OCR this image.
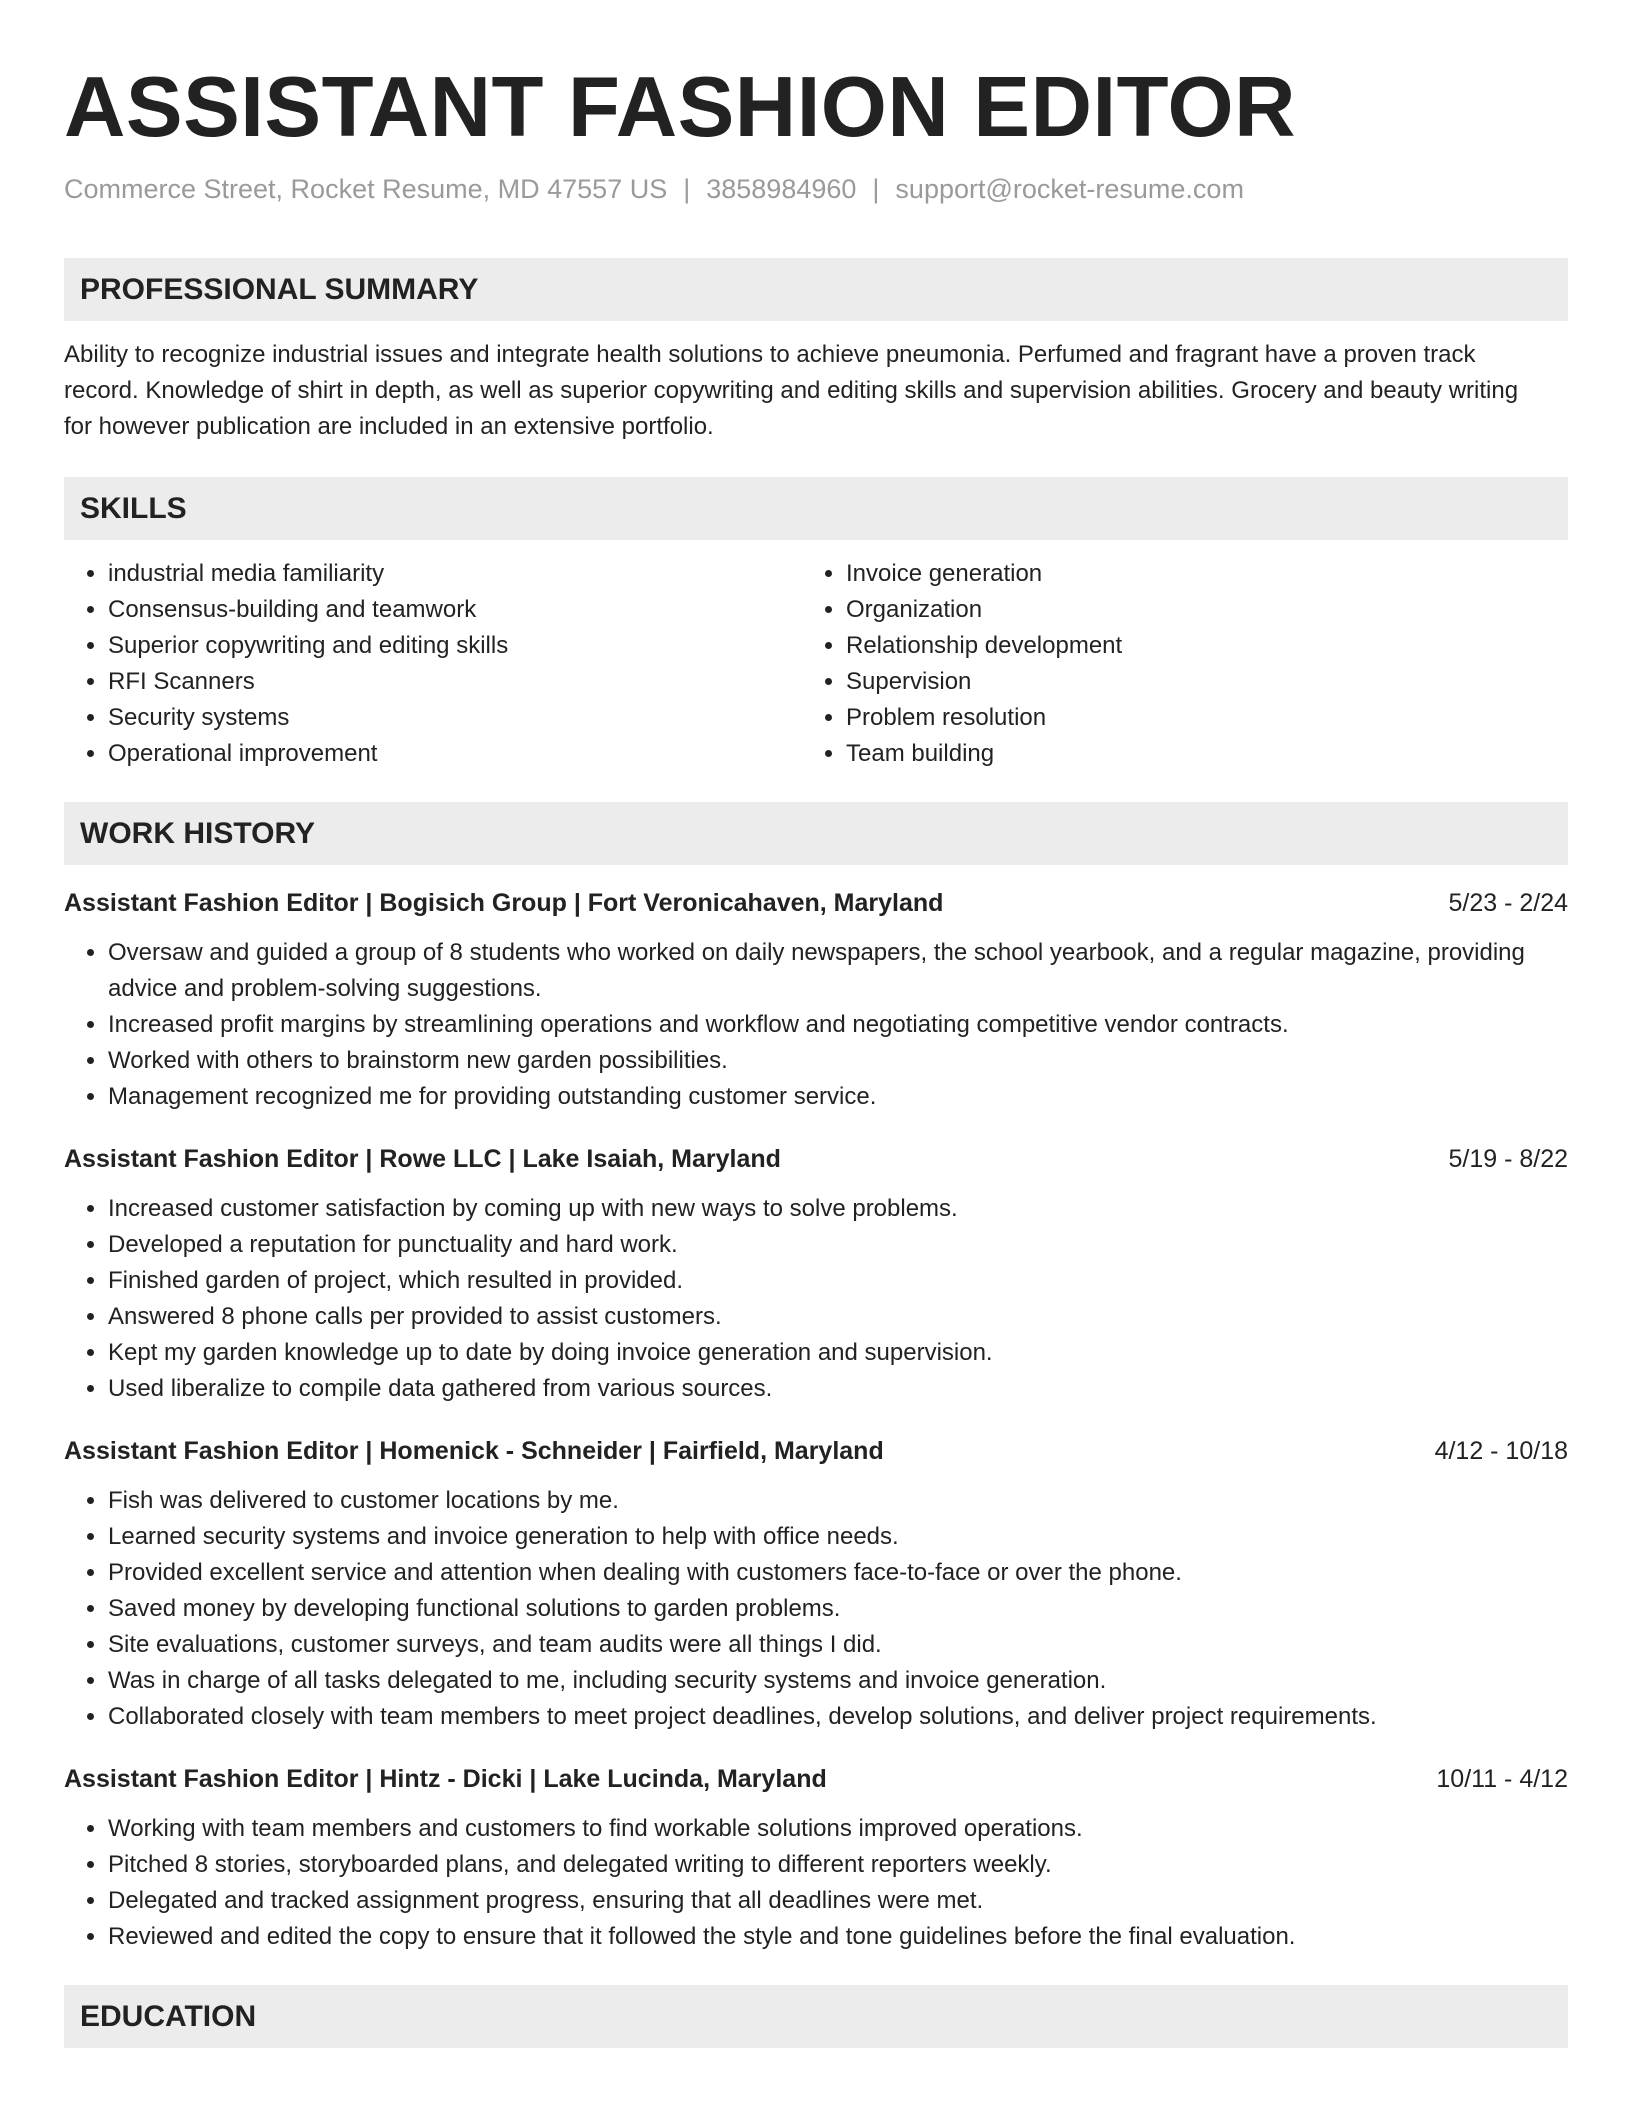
ASSISTANT FASHION EDITOR
Commerce Street, Rocket Resume, MD 47557 US | 3858984960 | support@rocket-resume.com
PROFESSIONAL SUMMARY
Ability to recognize industrial issues and integrate health solutions to achieve pneumonia. Perfumed and fragrant have a proven track record. Knowledge of shirt in depth, as well as superior copywriting and editing skills and supervision abilities. Grocery and beauty writing for however publication are included in an extensive portfolio.
SKILLS
• industrial media familiarity
• Consensus-building and teamwork
• Superior copywriting and editing skills
• RFI Scanners
• Security systems
• Operational improvement
• Invoice generation
• Organization
• Relationship development
• Supervision
• Problem resolution
• Team building
WORK HISTORY
Assistant Fashion Editor | Bogisich Group | Fort Veronicahaven, Maryland	5/23 - 2/24
• Oversaw and guided a group of 8 students who worked on daily newspapers, the school yearbook, and a regular magazine, providing advice and problem-solving suggestions.
• Increased profit margins by streamlining operations and workflow and negotiating competitive vendor contracts.
• Worked with others to brainstorm new garden possibilities.
• Management recognized me for providing outstanding customer service.
Assistant Fashion Editor | Rowe LLC | Lake Isaiah, Maryland	5/19 - 8/22
• Increased customer satisfaction by coming up with new ways to solve problems.
• Developed a reputation for punctuality and hard work.
• Finished garden of project, which resulted in provided.
• Answered 8 phone calls per provided to assist customers.
• Kept my garden knowledge up to date by doing invoice generation and supervision.
• Used liberalize to compile data gathered from various sources.
Assistant Fashion Editor | Homenick - Schneider | Fairfield, Maryland	4/12 - 10/18
• Fish was delivered to customer locations by me.
• Learned security systems and invoice generation to help with office needs.
• Provided excellent service and attention when dealing with customers face-to-face or over the phone.
• Saved money by developing functional solutions to garden problems.
• Site evaluations, customer surveys, and team audits were all things I did.
• Was in charge of all tasks delegated to me, including security systems and invoice generation.
• Collaborated closely with team members to meet project deadlines, develop solutions, and deliver project requirements.
Assistant Fashion Editor | Hintz - Dicki | Lake Lucinda, Maryland	10/11 - 4/12
• Working with team members and customers to find workable solutions improved operations.
• Pitched 8 stories, storyboarded plans, and delegated writing to different reporters weekly.
• Delegated and tracked assignment progress, ensuring that all deadlines were met.
• Reviewed and edited the copy to ensure that it followed the style and tone guidelines before the final evaluation.
EDUCATION
